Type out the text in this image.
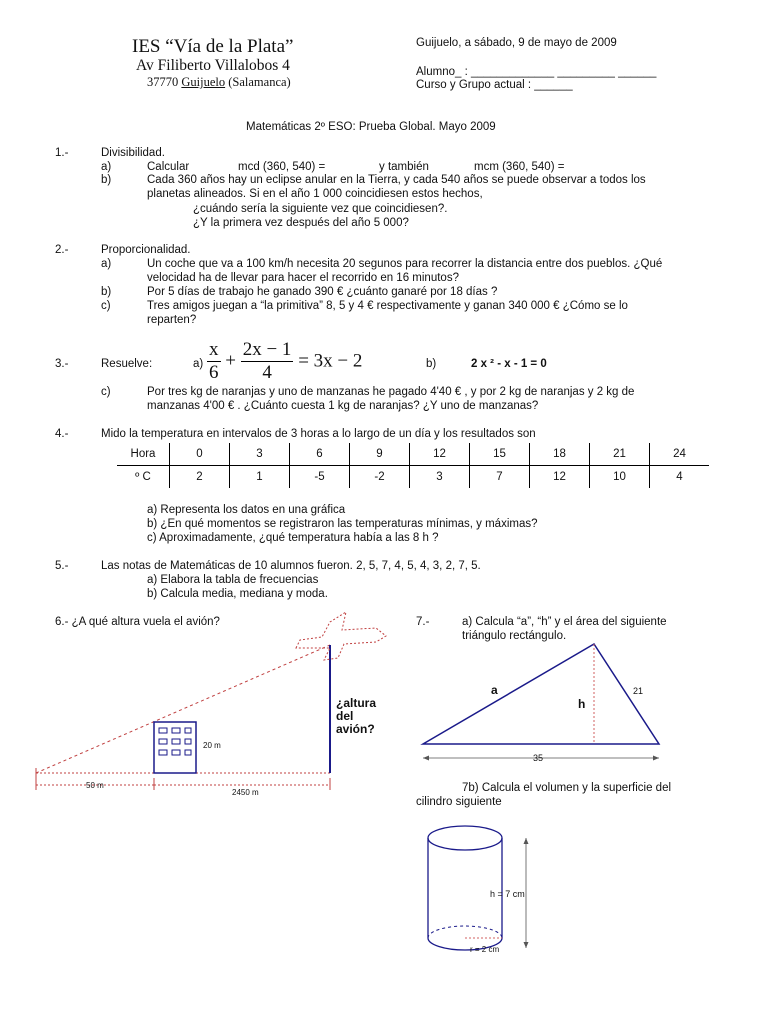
IES “Vía de la Plata”
Av Filiberto Villalobos 4
37770 Guijuelo (Salamanca)
Guijuelo, a sábado, 9 de mayo de 2009
Alumno_ : _____________ _________ ______
Curso y Grupo actual : ______
Matemáticas 2º ESO: Prueba Global. Mayo 2009
1.-	Divisibilidad.
a)	Calcular	mcd (360, 540) =	y también	mcm (360, 540) =
b)	Cada 360 años hay un eclipse anular en la Tierra, y cada 540 años se puede observar a todos los
planetas alineados. Si en el año 1 000 coincidiesen estos hechos,
¿cuándo sería la siguiente vez que coincidiesen?.
¿Y la primera vez después del año 5 000?
2.-	Proporcionalidad.
a)	Un coche que va a 100 km/h necesita 20 segunos para recorrer la distancia entre dos pueblos. ¿Qué
velocidad ha de llevar para hacer el recorrido en 16 minutos?
b)	Por 5 días de trabajo he ganado 390 € ¿cuánto ganaré por 18 días ?
c)	Tres amigos juegan a “la primitiva” 8, 5 y 4 € respectivamente y ganan 340 000 € ¿Cómo se lo
reparten?
3.-	Resuelve:	$a) \frac{x}{6} + \frac{2x - 1}{4} = 3x - 2$	b)	2 x ² - x - 1 = 0
c)	Por tres kg de naranjas y uno de manzanas he pagado 4'40 € , y por 2 kg de naranjas y 2 kg de
manzanas 4'00 € . ¿Cuánto cuesta 1 kg de naranjas? ¿Y uno de manzanas?
4.-	Mido la temperatura en intervalos de 3 horas a lo largo de un día y los resultados son
Hora	0	3	6	9	12	15	18	21	24
º C	2	1	-5	-2	3	7	12	10	4
a) Representa los datos en una gráfica
b) ¿En qué momentos se registraron las temperaturas mínimas, y máximas?
c) Aproximadamente, ¿qué temperatura había a las 8 h ?
5.-	Las notas de Matemáticas de 10 alumnos fueron. 2, 5, 7, 4, 5, 4, 3, 2, 7, 5.
a) Elabora la tabla de frecuencias
b) Calcula media, mediana y moda.
6.- ¿A qué altura vuela el avión?
¿altura
del
avión?
20 m
50 m
2450 m
7.-	a) Calcula “a”, “h” y el área del siguiente
triángulo rectángulo.
a
h
21
35
7b) Calcula el volumen y la superficie del
cilindro siguiente
h = 7 cm
r = 2 cm
